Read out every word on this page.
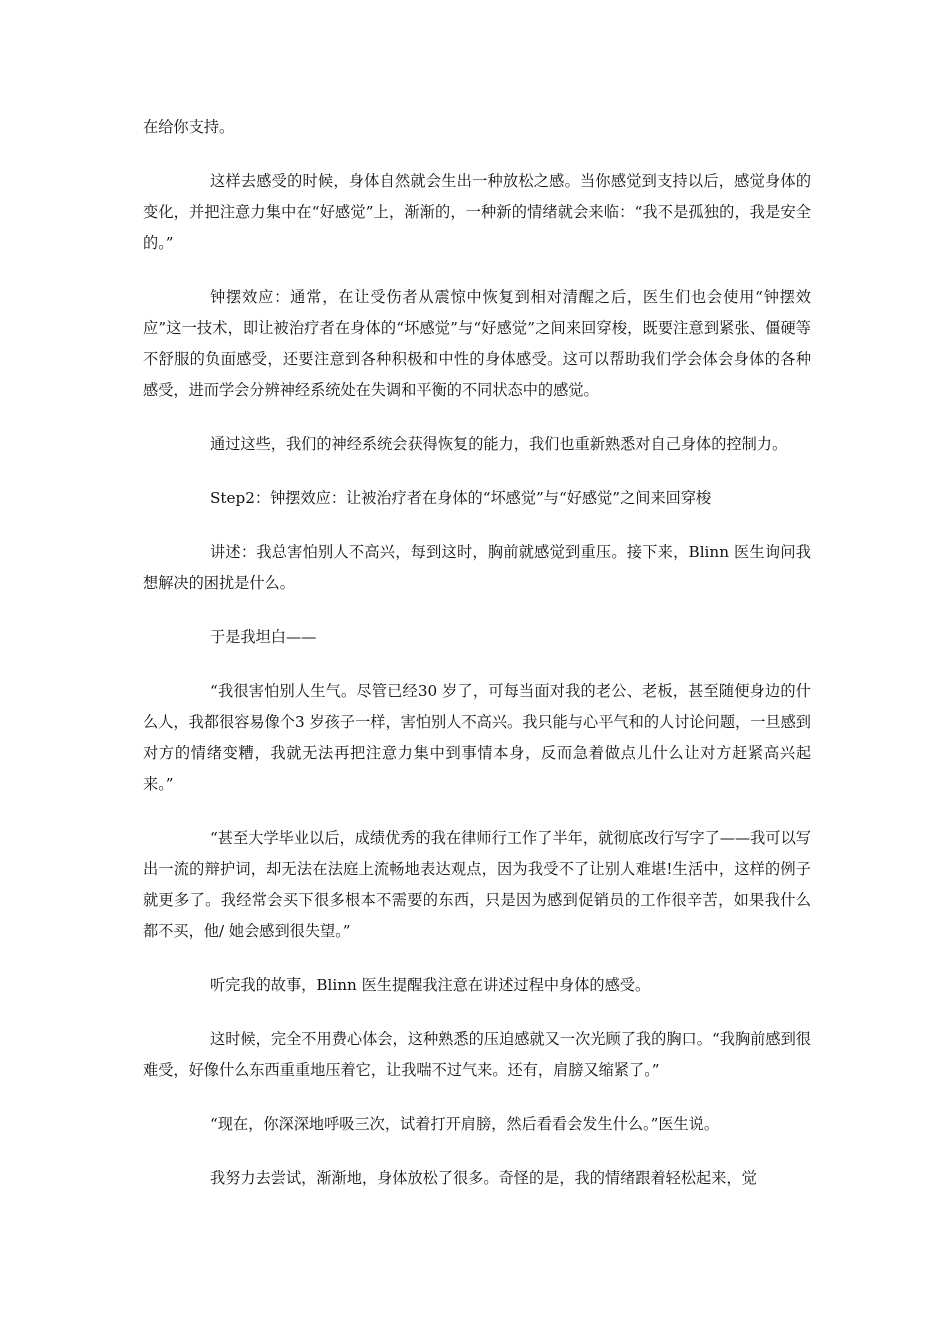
在给你支持。

这样去感受的时候，身体自然就会生出一种放松之感。当你感觉到支持以后，感觉身体的变化，并把注意力集中在“好感觉”上，渐渐的，一种新的情绪就会来临：“我不是孤独的，我是安全的。”

钟摆效应：通常，在让受伤者从震惊中恢复到相对清醒之后，医生们也会使用“钟摆效应”这一技术，即让被治疗者在身体的“坏感觉”与“好感觉”之间来回穿梭，既要注意到紧张、僵硬等不舒服的负面感受，还要注意到各种积极和中性的身体感受。这可以帮助我们学会体会身体的各种感受，进而学会分辨神经系统处在失调和平衡的不同状态中的感觉。

通过这些，我们的神经系统会获得恢复的能力，我们也重新熟悉对自己身体的控制力。

Step2：钟摆效应：让被治疗者在身体的“坏感觉”与“好感觉”之间来回穿梭

讲述：我总害怕别人不高兴，每到这时，胸前就感觉到重压。接下来，Blinn 医生询问我想解决的困扰是什么。

于是我坦白——

“我很害怕别人生气。尽管已经30 岁了，可每当面对我的老公、老板，甚至随便身边的什么人，我都很容易像个3 岁孩子一样，害怕别人不高兴。我只能与心平气和的人讨论问题，一旦感到对方的情绪变糟，我就无法再把注意力集中到事情本身，反而急着做点儿什么让对方赶紧高兴起来。”

“甚至大学毕业以后，成绩优秀的我在律师行工作了半年，就彻底改行写字了——我可以写出一流的辩护词，却无法在法庭上流畅地表达观点，因为我受不了让别人难堪!生活中，这样的例子就更多了。我经常会买下很多根本不需要的东西，只是因为感到促销员的工作很辛苦，如果我什么都不买，他/ 她会感到很失望。”

听完我的故事，Blinn 医生提醒我注意在讲述过程中身体的感受。

这时候，完全不用费心体会，这种熟悉的压迫感就又一次光顾了我的胸口。“我胸前感到很难受，好像什么东西重重地压着它，让我喘不过气来。还有，肩膀又缩紧了。”

“现在，你深深地呼吸三次，试着打开肩膀，然后看看会发生什么。”医生说。

我努力去尝试，渐渐地，身体放松了很多。奇怪的是，我的情绪跟着轻松起来，觉
